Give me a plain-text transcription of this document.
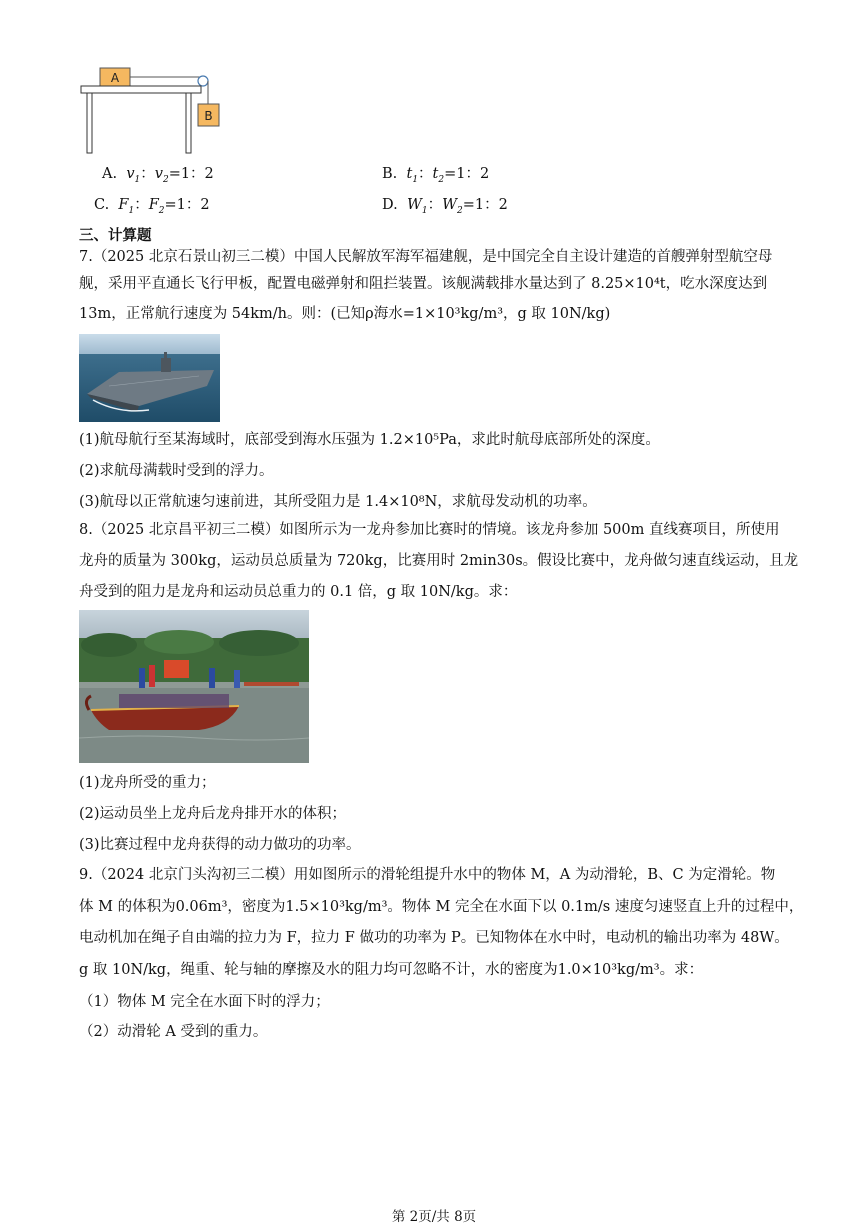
A
B
A. $v_1$：$v_2=1$：2	B. $t_1$：$t_2=1$：2
C. $F_1$：$F_2=1$：2	D. $W_1$：$W_2=1$：2
三、计算题
7.（2025 北京石景山初三二模）中国人民解放军海军福建舰，是中国完全自主设计建造的首艘弹射型航空母
舰，采用平直通长飞行甲板，配置电磁弹射和阻拦装置。该舰满载排水量达到了 8.25×10⁴t，吃水深度达到
13m，正常航行速度为 54km/h。则：(已知ρ海水=1×10³kg/m³，g 取 10N/kg)
(1)航母航行至某海域时，底部受到海水压强为 1.2×10⁵Pa，求此时航母底部所处的深度。
(2)求航母满载时受到的浮力。
(3)航母以正常航速匀速前进，其所受阻力是 1.4×10⁸N，求航母发动机的功率。
8.（2025 北京昌平初三二模）如图所示为一龙舟参加比赛时的情境。该龙舟参加 500m 直线赛项目，所使用
龙舟的质量为 300kg，运动员总质量为 720kg，比赛用时 2min30s。假设比赛中，龙舟做匀速直线运动，且龙
舟受到的阻力是龙舟和运动员总重力的 0.1 倍，g 取 10N/kg。求：
(1)龙舟所受的重力；
(2)运动员坐上龙舟后龙舟排开水的体积；
(3)比赛过程中龙舟获得的动力做功的功率。
9.（2024 北京门头沟初三二模）用如图所示的滑轮组提升水中的物体 M，A 为动滑轮，B、C 为定滑轮。物
体 M 的体积为0.06m³，密度为1.5×10³kg/m³。物体 M 完全在水面下以 0.1m/s 速度匀速竖直上升的过程中，
电动机加在绳子自由端的拉力为 F，拉力 F 做功的功率为 P。已知物体在水中时，电动机的输出功率为 48W。
g 取 10N/kg，绳重、轮与轴的摩擦及水的阻力均可忽略不计，水的密度为1.0×10³kg/m³。求：
（1）物体 M 完全在水面下时的浮力；
（2）动滑轮 A 受到的重力。
第 2页/共 8页
